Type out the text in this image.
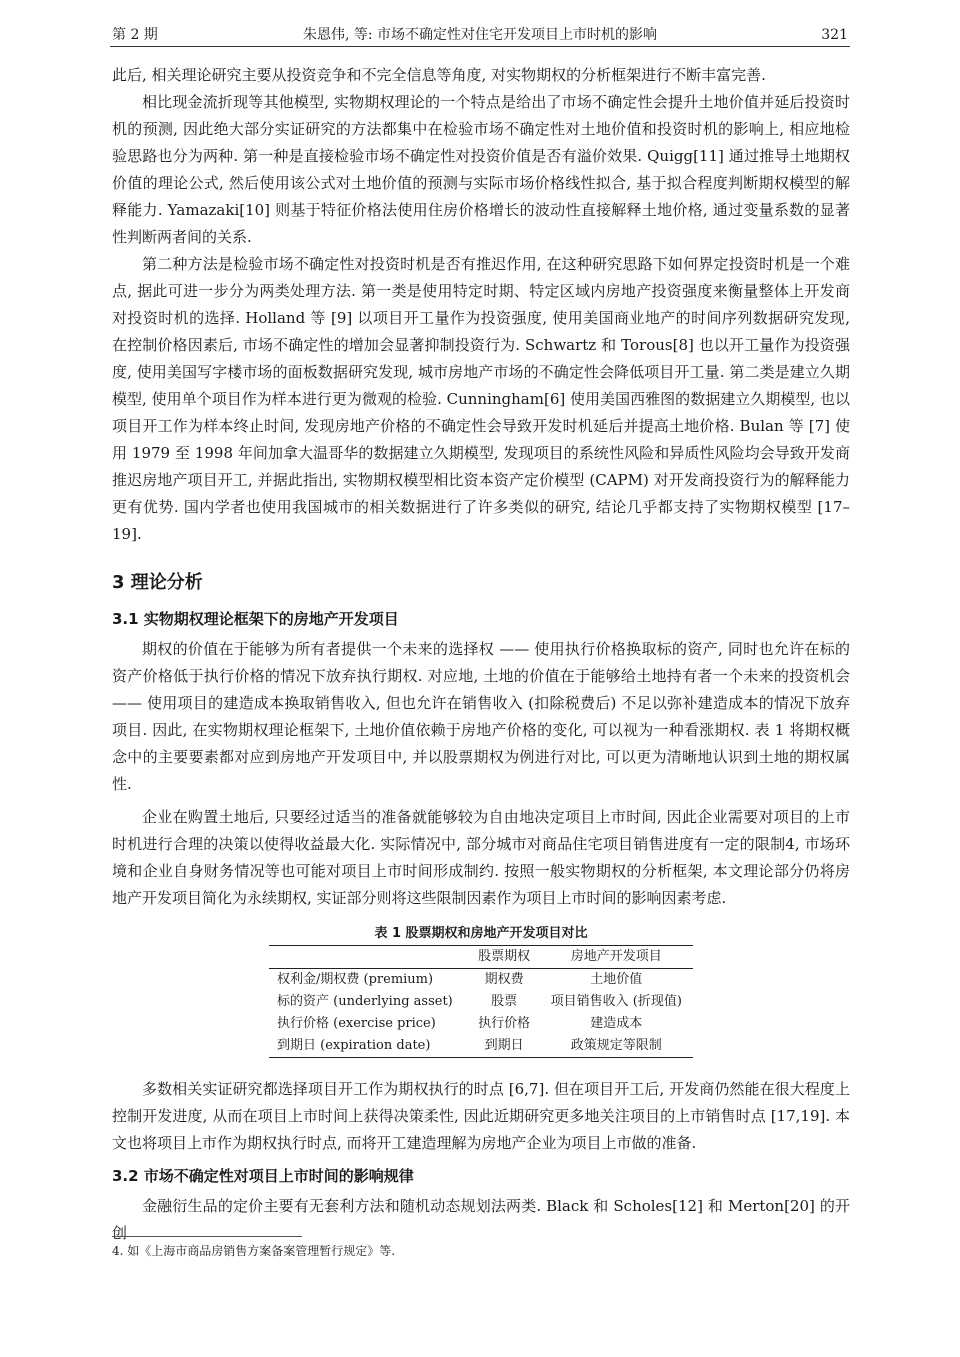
第 2 期	朱恩伟, 等: 市场不确定性对住宅开发项目上市时机的影响	321

此后, 相关理论研究主要从投资竞争和不完全信息等角度, 对实物期权的分析框架进行不断丰富完善.

相比现金流折现等其他模型, 实物期权理论的一个特点是给出了市场不确定性会提升土地价值并延后投资时机的预测, 因此绝大部分实证研究的方法都集中在检验市场不确定性对土地价值和投资时机的影响上, 相应地检验思路也分为两种. 第一种是直接检验市场不确定性对投资价值是否有溢价效果. Quigg[11] 通过推导土地期权价值的理论公式, 然后使用该公式对土地价值的预测与实际市场价格线性拟合, 基于拟合程度判断期权模型的解释能力. Yamazaki[10] 则基于特征价格法使用住房价格增长的波动性直接解释土地价格, 通过变量系数的显著性判断两者间的关系.

第二种方法是检验市场不确定性对投资时机是否有推迟作用, 在这种研究思路下如何界定投资时机是一个难点, 据此可进一步分为两类处理方法. 第一类是使用特定时期、特定区域内房地产投资强度来衡量整体上开发商对投资时机的选择. Holland 等 [9] 以项目开工量作为投资强度, 使用美国商业地产的时间序列数据研究发现, 在控制价格因素后, 市场不确定性的增加会显著抑制投资行为. Schwartz 和 Torous[8] 也以开工量作为投资强度, 使用美国写字楼市场的面板数据研究发现, 城市房地产市场的不确定性会降低项目开工量. 第二类是建立久期模型, 使用单个项目作为样本进行更为微观的检验. Cunningham[6] 使用美国西雅图的数据建立久期模型, 也以项目开工作为样本终止时间, 发现房地产价格的不确定性会导致开发时机延后并提高土地价格. Bulan 等 [7] 使用 1979 至 1998 年间加拿大温哥华的数据建立久期模型, 发现项目的系统性风险和异质性风险均会导致开发商推迟房地产项目开工, 并据此指出, 实物期权模型相比资本资产定价模型 (CAPM) 对开发商投资行为的解释能力更有优势. 国内学者也使用我国城市的相关数据进行了许多类似的研究, 结论几乎都支持了实物期权模型 [17–19].

3 理论分析
3.1 实物期权理论框架下的房地产开发项目

期权的价值在于能够为所有者提供一个未来的选择权 —— 使用执行价格换取标的资产, 同时也允许在标的资产价格低于执行价格的情况下放弃执行期权. 对应地, 土地的价值在于能够给土地持有者一个未来的投资机会 —— 使用项目的建造成本换取销售收入, 但也允许在销售收入 (扣除税费后) 不足以弥补建造成本的情况下放弃项目. 因此, 在实物期权理论框架下, 土地价值依赖于房地产价格的变化, 可以视为一种看涨期权. 表 1 将期权概念中的主要要素都对应到房地产开发项目中, 并以股票期权为例进行对比, 可以更为清晰地认识到土地的期权属性.

企业在购置土地后, 只要经过适当的准备就能够较为自由地决定项目上市时间, 因此企业需要对项目的上市时机进行合理的决策以使得收益最大化. 实际情况中, 部分城市对商品住宅项目销售进度有一定的限制4, 市场环境和企业自身财务情况等也可能对项目上市时间形成制约. 按照一般实物期权的分析框架, 本文理论部分仍将房地产开发项目简化为永续期权, 实证部分则将这些限制因素作为项目上市时间的影响因素考虑.

表 1 股票期权和房地产开发项目对比
	股票期权	房地产开发项目
权利金/期权费 (premium)	期权费	土地价值
标的资产 (underlying asset)	股票	项目销售收入 (折现值)
执行价格 (exercise price)	执行价格	建造成本
到期日 (expiration date)	到期日	政策规定等限制

多数相关实证研究都选择项目开工作为期权执行的时点 [6,7]. 但在项目开工后, 开发商仍然能在很大程度上控制开发进度, 从而在项目上市时间上获得决策柔性, 因此近期研究更多地关注项目的上市销售时点 [17,19]. 本文也将项目上市作为期权执行时点, 而将开工建造理解为房地产企业为项目上市做的准备.

3.2 市场不确定性对项目上市时间的影响规律

金融衍生品的定价主要有无套利方法和随机动态规划法两类. Black 和 Scholes[12] 和 Merton[20] 的开创

4. 如《上海市商品房销售方案备案管理暂行规定》等.
